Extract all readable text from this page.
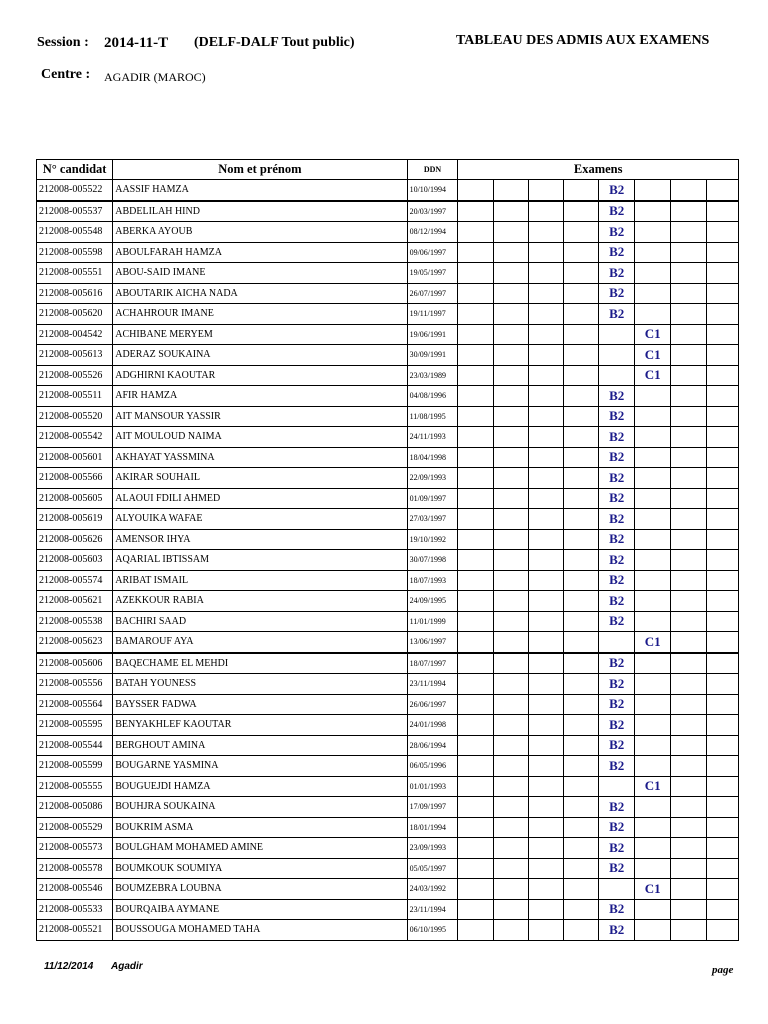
Session : 2014-11-T (DELF-DALF Tout public)	TABLEAU DES ADMIS AUX EXAMENS
Centre : AGADIR (MAROC)
N° candidat	Nom et prénom	DDN	Examens							
212008-005522	AASSIF HAMZA	10/10/1994					B2			
212008-005537	ABDELILAH HIND	20/03/1997					B2			
212008-005548	ABERKA AYOUB	08/12/1994					B2			
212008-005598	ABOULFARAH HAMZA	09/06/1997					B2			
212008-005551	ABOU-SAID IMANE	19/05/1997					B2			
212008-005616	ABOUTARIK AICHA NADA	26/07/1997					B2			
212008-005620	ACHAHROUR IMANE	19/11/1997					B2			
212008-004542	ACHIBANE MERYEM	19/06/1991						C1		
212008-005613	ADERAZ SOUKAINA	30/09/1991						C1		
212008-005526	ADGHIRNI KAOUTAR	23/03/1989						C1		
212008-005511	AFIR HAMZA	04/08/1996					B2			
212008-005520	AIT MANSOUR YASSIR	11/08/1995					B2			
212008-005542	AIT MOULOUD NAIMA	24/11/1993					B2			
212008-005601	AKHAYAT YASSMINA	18/04/1998					B2			
212008-005566	AKIRAR SOUHAIL	22/09/1993					B2			
212008-005605	ALAOUI FDILI AHMED	01/09/1997					B2			
212008-005619	ALYOUIKA WAFAE	27/03/1997					B2			
212008-005626	AMENSOR IHYA	19/10/1992					B2			
212008-005603	AQARIAL IBTISSAM	30/07/1998					B2			
212008-005574	ARIBAT ISMAIL	18/07/1993					B2			
212008-005621	AZEKKOUR RABIA	24/09/1995					B2			
212008-005538	BACHIRI SAAD	11/01/1999					B2			
212008-005623	BAMAROUF AYA	13/06/1997						C1		
212008-005606	BAQECHAME EL MEHDI	18/07/1997					B2			
212008-005556	BATAH YOUNESS	23/11/1994					B2			
212008-005564	BAYSSER FADWA	26/06/1997					B2			
212008-005595	BENYAKHLEF KAOUTAR	24/01/1998					B2			
212008-005544	BERGHOUT AMINA	28/06/1994					B2			
212008-005599	BOUGARNE YASMINA	06/05/1996					B2			
212008-005555	BOUGUEJDI HAMZA	01/01/1993						C1		
212008-005086	BOUHJRA SOUKAINA	17/09/1997					B2			
212008-005529	BOUKRIM ASMA	18/01/1994					B2			
212008-005573	BOULGHAM MOHAMED AMINE	23/09/1993					B2			
212008-005578	BOUMKOUK SOUMIYA	05/05/1997					B2			
212008-005546	BOUMZEBRA LOUBNA	24/03/1992						C1		
212008-005533	BOURQAIBA AYMANE	23/11/1994					B2			
212008-005521	BOUSSOUGA MOHAMED TAHA	06/10/1995					B2			
11/12/2014 Agadir	page
